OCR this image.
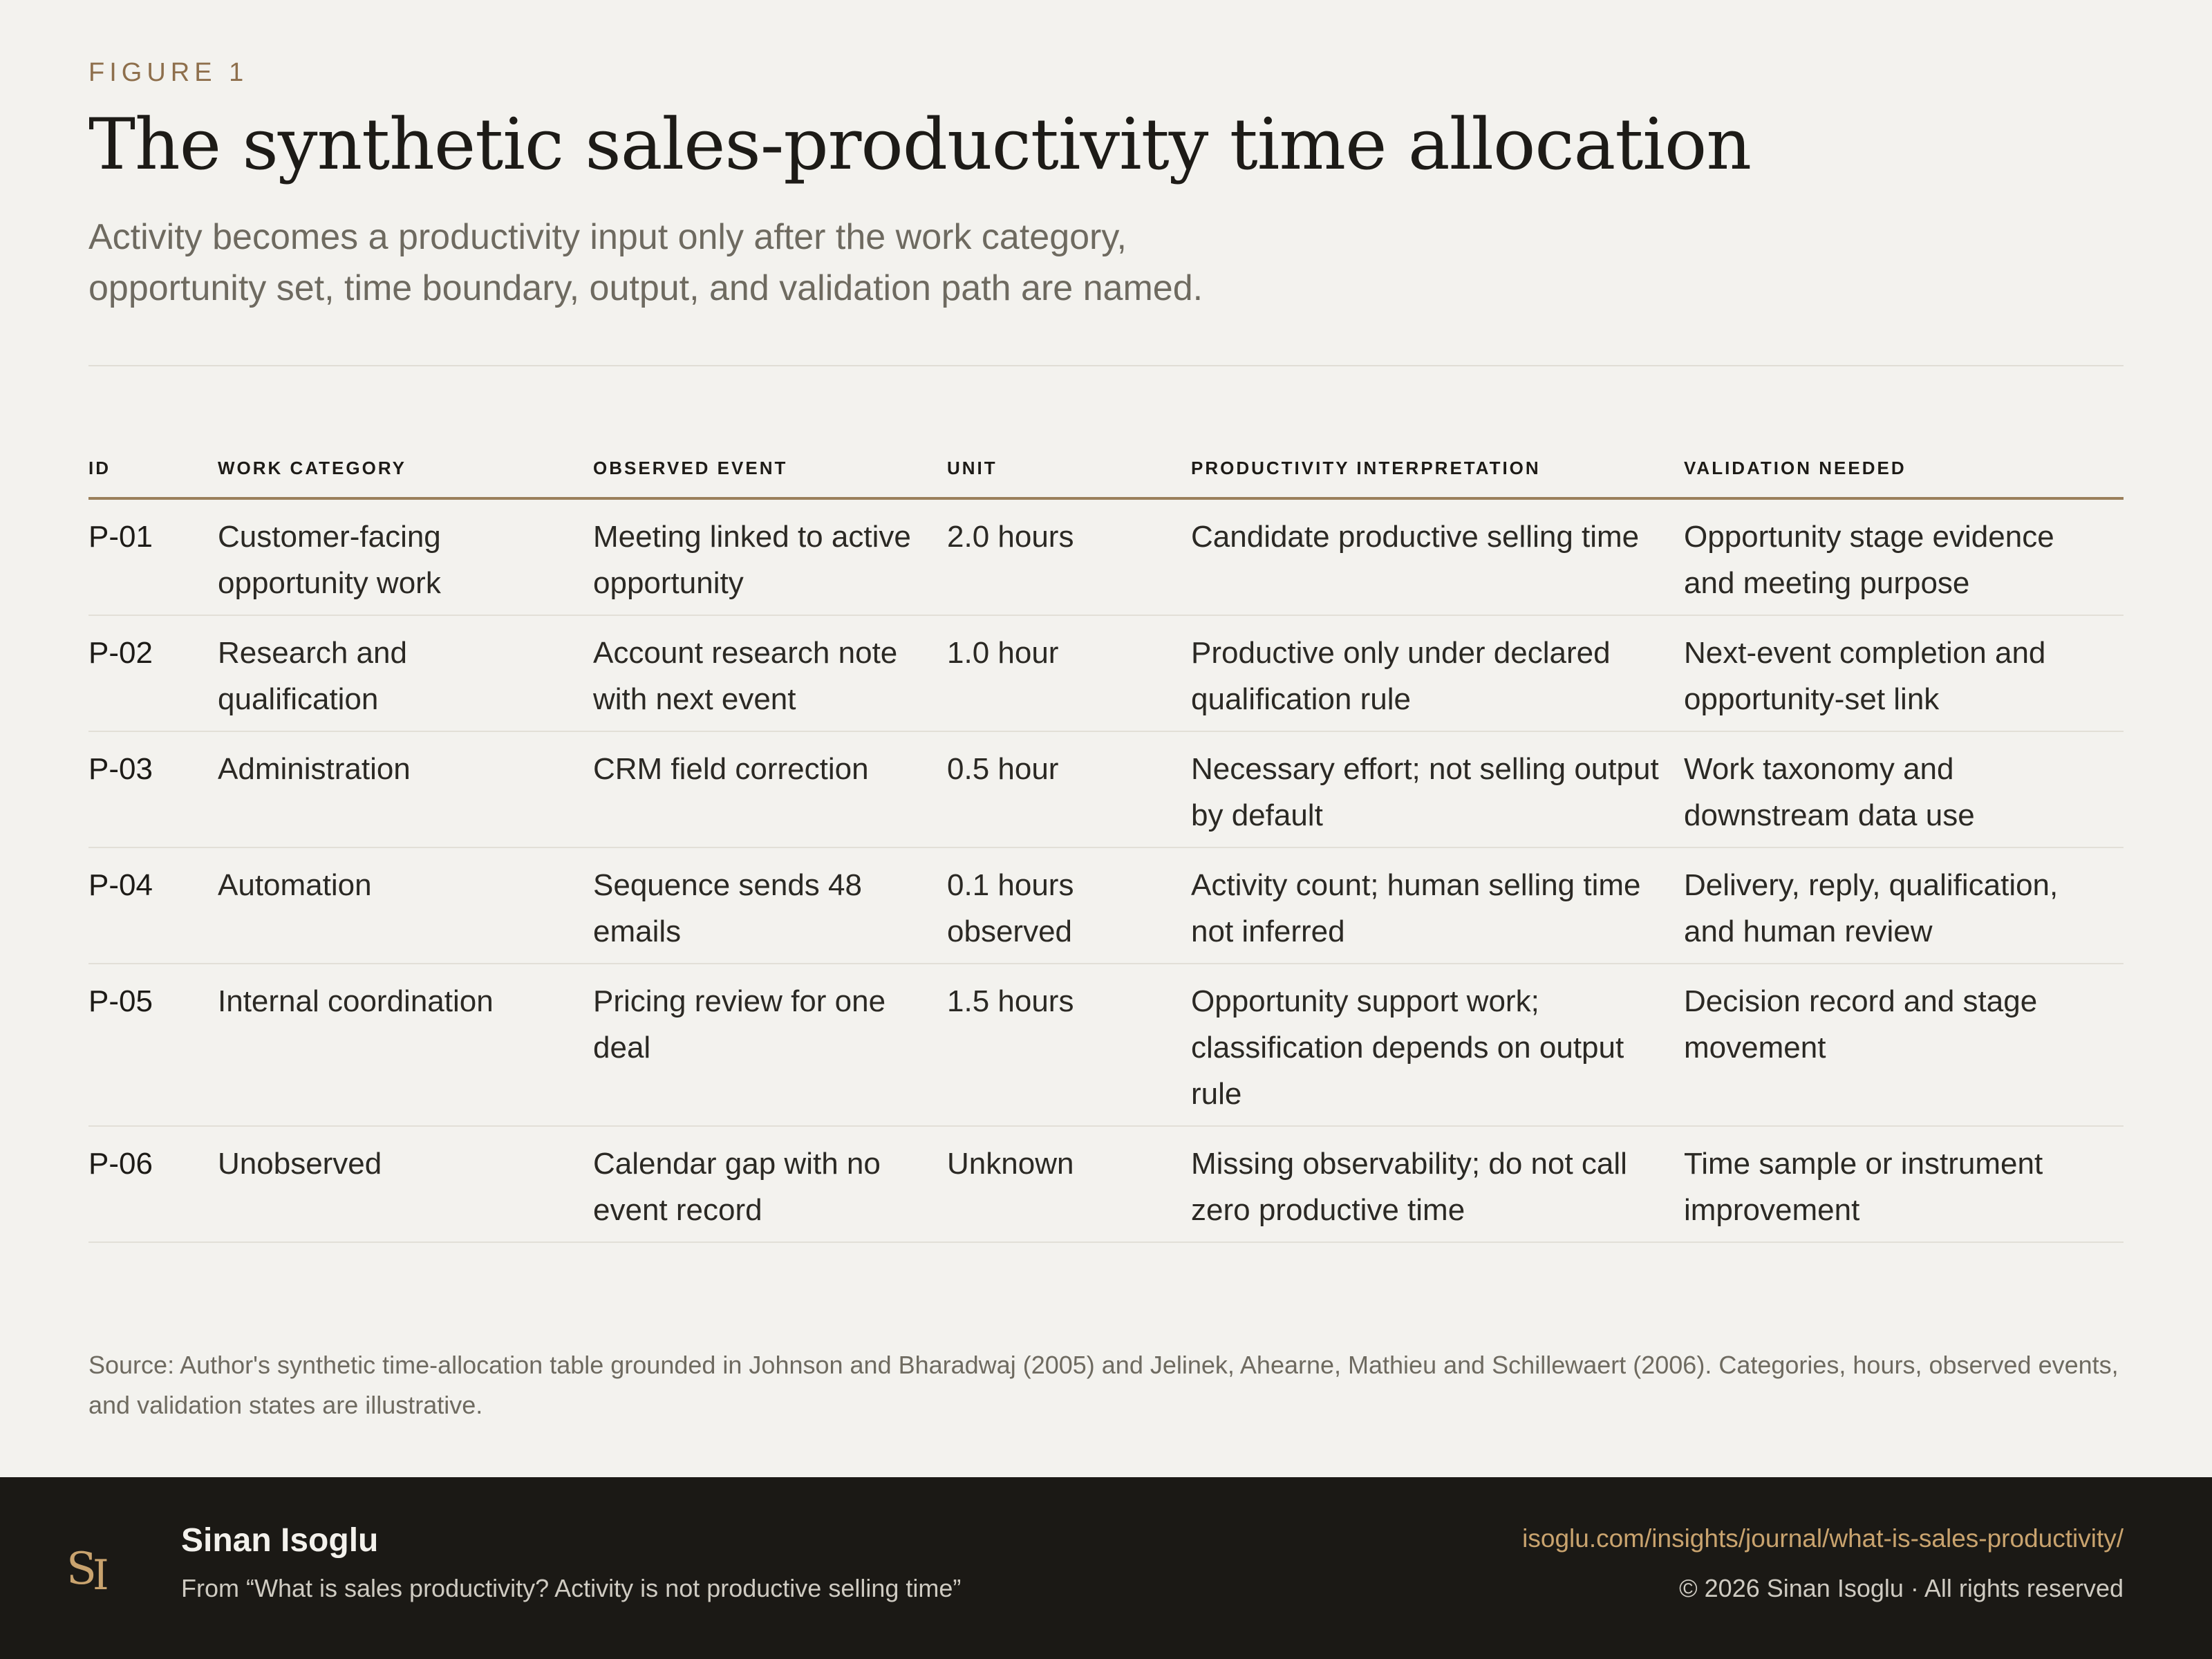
FIGURE 1
The synthetic sales-productivity time allocation

Activity becomes a productivity input only after the work category, opportunity set, time boundary, output, and validation path are named.

ID	WORK CATEGORY	OBSERVED EVENT	UNIT	PRODUCTIVITY INTERPRETATION	VALIDATION NEEDED
P-01	Customer-facing opportunity work	Meeting linked to active opportunity	2.0 hours	Candidate productive selling time	Opportunity stage evidence and meeting purpose
P-02	Research and qualification	Account research note with next event	1.0 hour	Productive only under declared qualification rule	Next-event completion and opportunity-set link
P-03	Administration	CRM field correction	0.5 hour	Necessary effort; not selling output by default	Work taxonomy and downstream data use
P-04	Automation	Sequence sends 48 emails	0.1 hours observed	Activity count; human selling time not inferred	Delivery, reply, qualification, and human review
P-05	Internal coordination	Pricing review for one deal	1.5 hours	Opportunity support work; classification depends on output rule	Decision record and stage movement
P-06	Unobserved	Calendar gap with no event record	Unknown	Missing observability; do not call zero productive time	Time sample or instrument improvement

Source: Author's synthetic time-allocation table grounded in Johnson and Bharadwaj (2005) and Jelinek, Ahearne, Mathieu and Schillewaert (2006). Categories, hours, observed events, and validation states are illustrative.

S
I
Sinan Isoglu
From “What is sales productivity? Activity is not productive selling time”
isoglu.com/insights/journal/what-is-sales-productivity/
© 2026 Sinan Isoglu · All rights reserved
